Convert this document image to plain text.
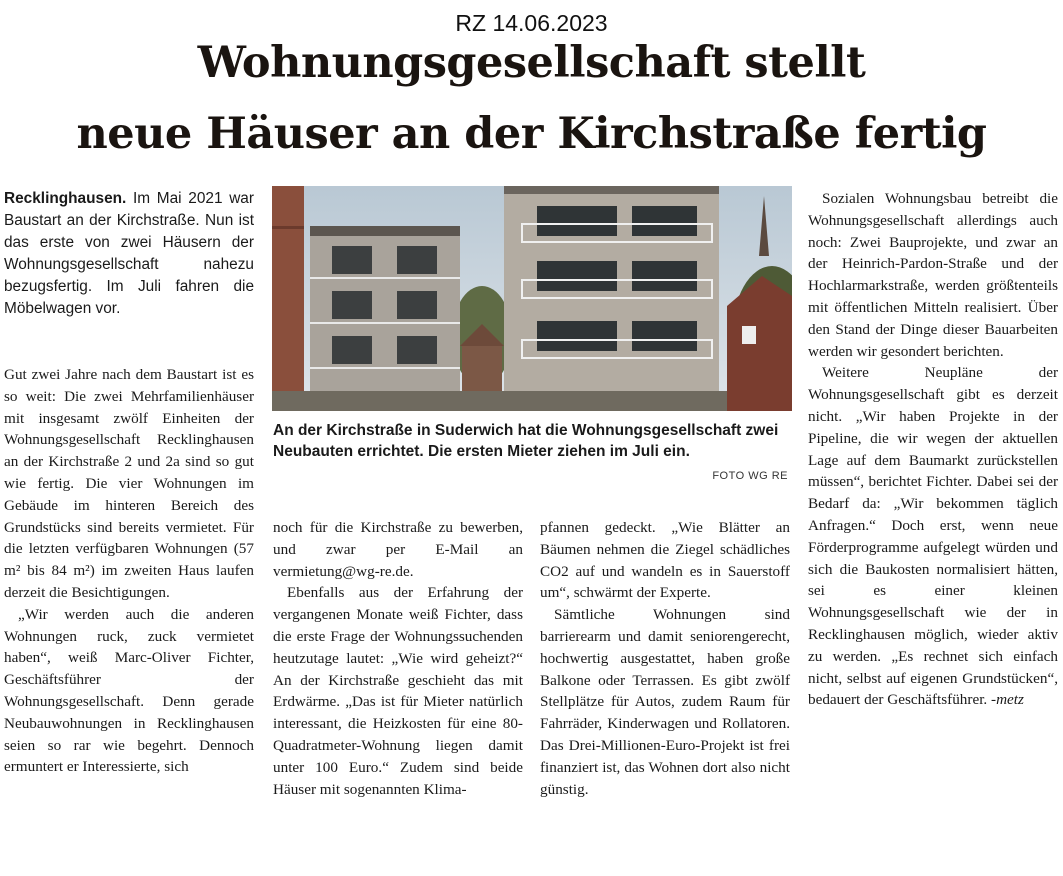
RZ 14.06.2023
Wohnungsgesellschaft stellt
neue Häuser an der Kirchstraße fertig

Recklinghausen. Im Mai 2021 war Baustart an der Kirchstraße. Nun ist das erste von zwei Häusern der Wohnungsgesellschaft nahezu bezugsfertig. Im Juli fahren die Möbelwagen vor.

Gut zwei Jahre nach dem Baustart ist es so weit: Die zwei Mehrfamilienhäuser mit insgesamt zwölf Einheiten der Wohnungsgesellschaft Recklinghausen an der Kirchstraße 2 und 2a sind so gut wie fertig. Die vier Wohnungen im Gebäude im hinteren Bereich des Grundstücks sind bereits vermietet. Für die letzten verfügbaren Wohnungen (57 m² bis 84 m²) im zweiten Haus laufen derzeit die Besichtigungen.

„Wir werden auch die anderen Wohnungen ruck, zuck vermietet haben“, weiß Marc-Oliver Fichter, Geschäftsführer der Wohnungsgesellschaft. Denn gerade Neubauwohnungen in Recklinghausen seien so rar wie begehrt. Dennoch ermuntert er Interessierte, sich

An der Kirchstraße in Suderwich hat die Wohnungsgesellschaft zwei Neubauten errichtet. Die ersten Mieter ziehen im Juli ein.
FOTO WG RE

noch für die Kirchstraße zu bewerben, und zwar per E-Mail an vermietung@wg-re.de.

Ebenfalls aus der Erfahrung der vergangenen Monate weiß Fichter, dass die erste Frage der Wohnungssuchenden heutzutage lautet: „Wie wird geheizt?“ An der Kirchstraße geschieht das mit Erdwärme. „Das ist für Mieter natürlich interessant, die Heizkosten für eine 80-Quadratmeter-Wohnung liegen damit unter 100 Euro.“ Zudem sind beide Häuser mit sogenannten Klima-

pfannen gedeckt. „Wie Blätter an Bäumen nehmen die Ziegel schädliches CO2 auf und wandeln es in Sauerstoff um“, schwärmt der Experte.

Sämtliche Wohnungen sind barrierearm und damit seniorengerecht, hochwertig ausgestattet, haben große Balkone oder Terrassen. Es gibt zwölf Stellplätze für Autos, zudem Raum für Fahrräder, Kinderwagen und Rollatoren. Das Drei-Millionen-Euro-Projekt ist frei finanziert ist, das Wohnen dort also nicht günstig.

Sozialen Wohnungsbau betreibt die Wohnungsgesellschaft allerdings auch noch: Zwei Bauprojekte, und zwar an der Heinrich-Pardon-Straße und der Hochlarmarkstraße, werden größtenteils mit öffentlichen Mitteln realisiert. Über den Stand der Dinge dieser Bauarbeiten werden wir gesondert berichten.

Weitere Neupläne der Wohnungsgesellschaft gibt es derzeit nicht. „Wir haben Projekte in der Pipeline, die wir wegen der aktuellen Lage auf dem Baumarkt zurückstellen müssen“, berichtet Fichter. Dabei sei der Bedarf da: „Wir bekommen täglich Anfragen.“ Doch erst, wenn neue Förderprogramme aufgelegt würden und sich die Baukosten normalisiert hätten, sei es einer kleinen Wohnungsgesellschaft wie der in Recklinghausen möglich, wieder aktiv zu werden. „Es rechnet sich einfach nicht, selbst auf eigenen Grundstücken“, bedauert der Geschäftsführer. -metz
